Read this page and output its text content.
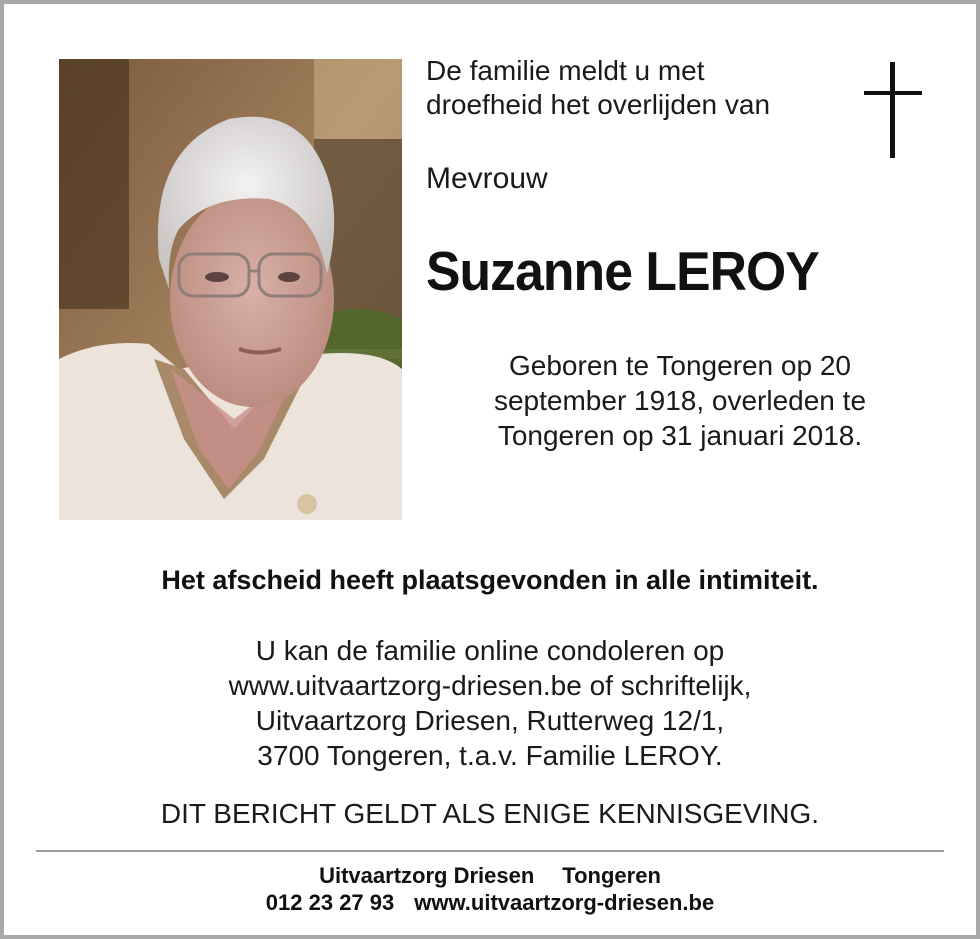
De familie meldt u met
droefheid het overlijden van
Mevrouw
Suzanne LEROY
Geboren te Tongeren op 20
september 1918, overleden te
Tongeren op 31 januari 2018.
Het afscheid heeft plaatsgevonden in alle intimiteit.
U kan de familie online condoleren op
www.uitvaartzorg-driesen.be of schriftelijk,
Uitvaartzorg Driesen, Rutterweg 12/1,
3700 Tongeren, t.a.v. Familie LEROY.
DIT BERICHT GELDT ALS ENIGE KENNISGEVING.
Uitvaartzorg Driesen Tongeren
012 23 27 93 www.uitvaartzorg-driesen.be
